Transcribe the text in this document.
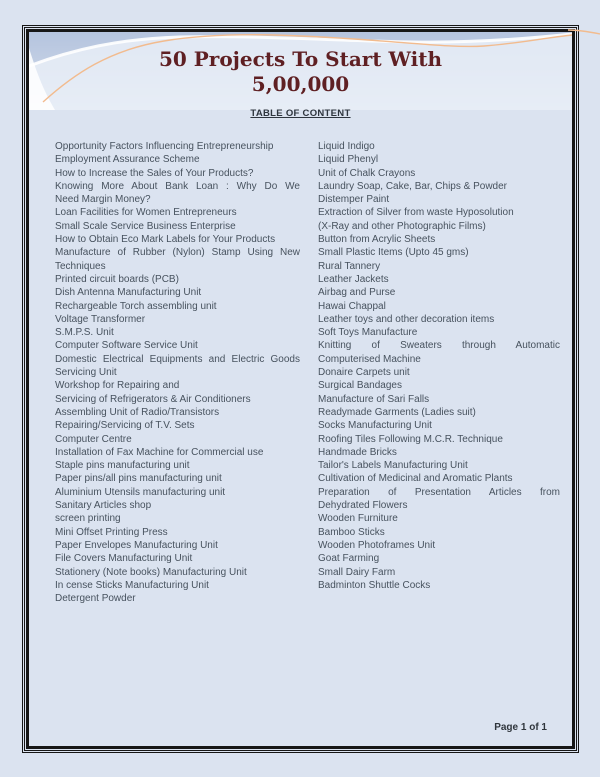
50 Projects To Start With
5,00,000
TABLE OF CONTENT
Opportunity Factors Influencing Entrepreneurship
Employment Assurance Scheme
How to Increase the Sales of Your Products?
Knowing More About Bank Loan : Why Do We
Need Margin Money?
Loan Facilities for Women Entrepreneurs
Small Scale Service Business Enterprise
How to Obtain Eco Mark Labels for Your Products
Manufacture of Rubber (Nylon) Stamp Using New
Techniques
Printed circuit boards (PCB)
Dish Antenna Manufacturing Unit
Rechargeable Torch assembling unit
Voltage Transformer
S.M.P.S. Unit
Computer Software Service Unit
Domestic Electrical Equipments and Electric Goods
Servicing Unit
Workshop for Repairing and
Servicing of Refrigerators & Air Conditioners
Assembling Unit of Radio/Transistors
Repairing/Servicing of T.V. Sets
Computer Centre
Installation of Fax Machine for Commercial use
Staple pins manufacturing unit
Paper pins/all pins manufacturing unit
Aluminium Utensils manufacturing unit
Sanitary Articles shop
screen printing
Mini Offset Printing Press
Paper Envelopes Manufacturing Unit
File Covers Manufacturing Unit
Stationery (Note books) Manufacturing Unit
In cense Sticks Manufacturing Unit
Detergent Powder
Liquid Indigo
Liquid Phenyl
Unit of Chalk Crayons
Laundry Soap, Cake, Bar, Chips & Powder
Distemper Paint
Extraction of Silver from waste Hyposolution
(X-Ray and other Photographic Films)
Button from Acrylic Sheets
Small Plastic Items (Upto 45 gms)
Rural Tannery
Leather Jackets
Airbag and Purse
Hawai Chappal
Leather toys and other decoration items
Soft Toys Manufacture
Knitting of Sweaters through Automatic
Computerised Machine
Donaire Carpets unit
Surgical Bandages
Manufacture of Sari Falls
Readymade Garments (Ladies suit)
Socks Manufacturing Unit
Roofing Tiles Following M.C.R. Technique
Handmade Bricks
Tailor's Labels Manufacturing Unit
Cultivation of Medicinal and Aromatic Plants
Preparation of Presentation Articles from
Dehydrated Flowers
Wooden Furniture
Bamboo Sticks
Wooden Photoframes Unit
Goat Farming
Small Dairy Farm
Badminton Shuttle Cocks
Page 1 of 1
